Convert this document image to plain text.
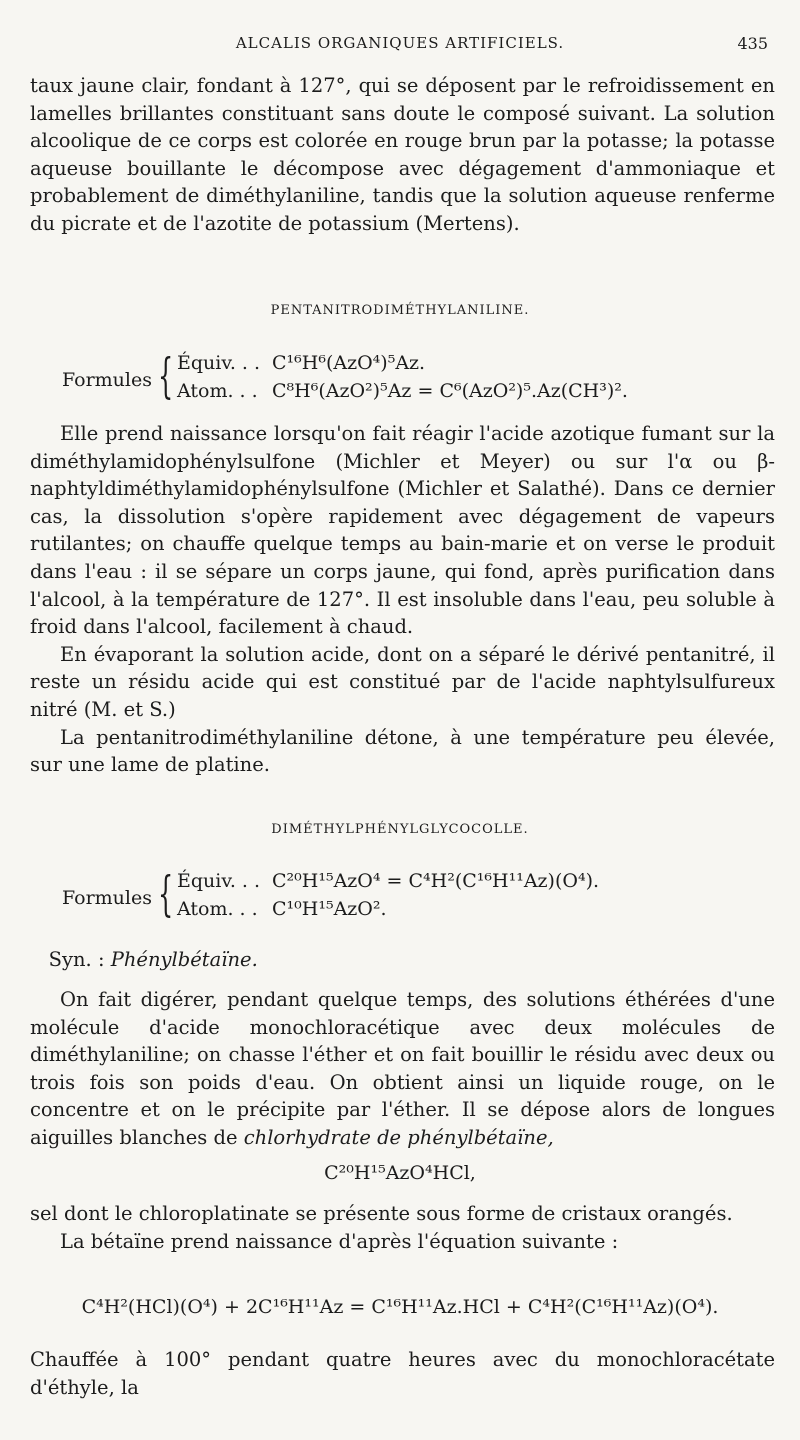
ALCALIS ORGANIQUES ARTIFICIELS.	435

taux jaune clair, fondant à 127°, qui se déposent par le refroidissement en lamelles brillantes constituant sans doute le composé suivant. La solution alcoolique de ce corps est colorée en rouge brun par la potasse; la potasse aqueuse bouillante le décompose avec dégagement d'ammoniaque et probablement de diméthylaniline, tandis que la solution aqueuse renferme du picrate et de l'azotite de potassium (Mertens).

PENTANITRODIMÉTHYLANILINE.
Formules { Équiv. . . C¹⁶H⁶(AzO⁴)⁵Az.
Atom. . . C⁸H⁶(AzO²)⁵Az = C⁶(AzO²)⁵.Az(CH³)².

Elle prend naissance lorsqu'on fait réagir l'acide azotique fumant sur la diméthylamidophénylsulfone (Michler et Meyer) ou sur l'α ou β-naphtyldiméthylamidophénylsulfone (Michler et Salathé). Dans ce dernier cas, la dissolution s'opère rapidement avec dégagement de vapeurs rutilantes; on chauffe quelque temps au bain-marie et on verse le produit dans l'eau : il se sépare un corps jaune, qui fond, après purification dans l'alcool, à la température de 127°. Il est insoluble dans l'eau, peu soluble à froid dans l'alcool, facilement à chaud.

En évaporant la solution acide, dont on a séparé le dérivé pentanitré, il reste un résidu acide qui est constitué par de l'acide naphtylsulfureux nitré (M. et S.)

La pentanitrodiméthylaniline détone, à une température peu élevée, sur une lame de platine.

DIMÉTHYLPHÉNYLGLYCOCOLLE.
Formules { Équiv. . . C²⁰H¹⁵AzO⁴ = C⁴H²(C¹⁶H¹¹Az)(O⁴).
Atom. . . C¹⁰H¹⁵AzO².

Syn. : Phénylbétaïne.

On fait digérer, pendant quelque temps, des solutions éthérées d'une molécule d'acide monochloracétique avec deux molécules de diméthylaniline; on chasse l'éther et on fait bouillir le résidu avec deux ou trois fois son poids d'eau. On obtient ainsi un liquide rouge, on le concentre et on le précipite par l'éther. Il se dépose alors de longues aiguilles blanches de chlorhydrate de phénylbétaïne,

C²⁰H¹⁵AzO⁴HCl,

sel dont le chloroplatinate se présente sous forme de cristaux orangés.

La bétaïne prend naissance d'après l'équation suivante :

C⁴H²(HCl)(O⁴) + 2C¹⁶H¹¹Az = C¹⁶H¹¹Az.HCl + C⁴H²(C¹⁶H¹¹Az)(O⁴).

Chauffée à 100° pendant quatre heures avec du monochloracétate d'éthyle, la
